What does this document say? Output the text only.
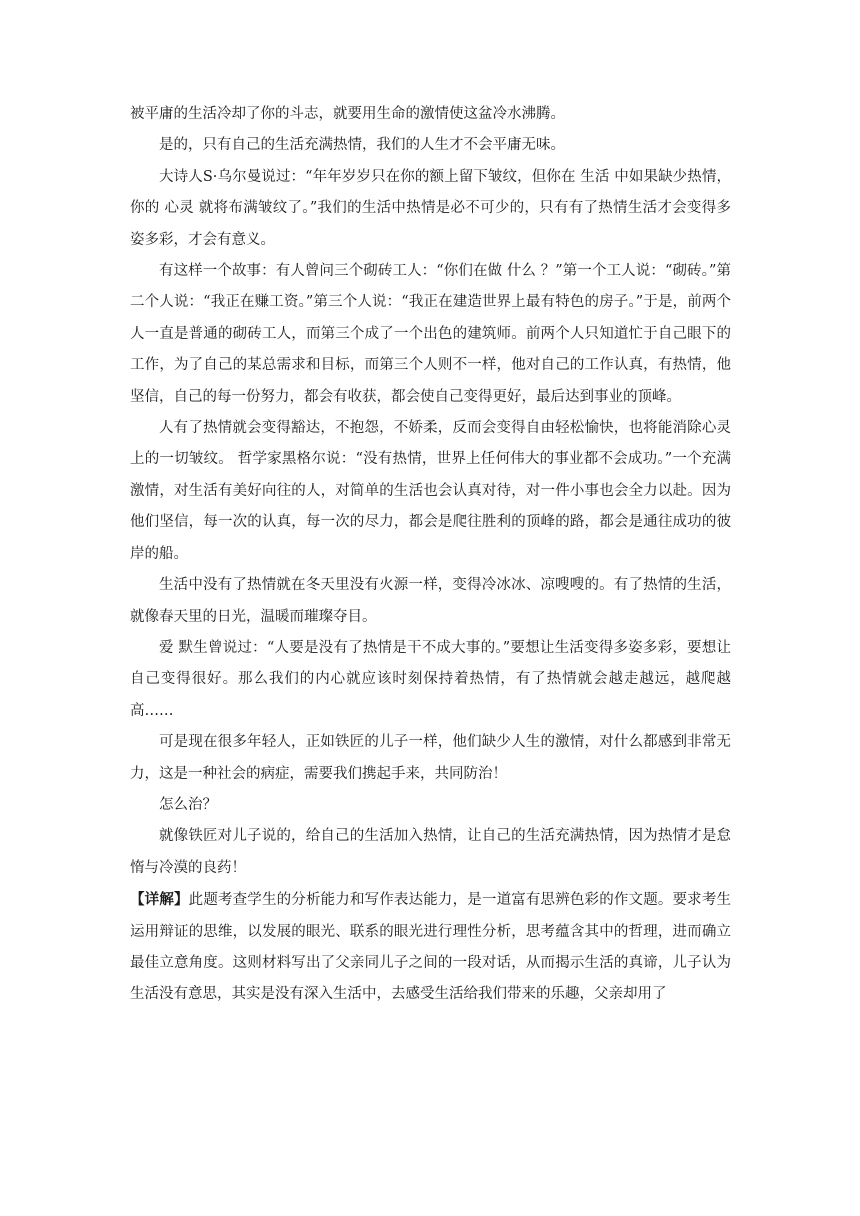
被平庸的生活冷却了你的斗志，就要用生命的激情使这盆冷水沸腾。

是的，只有自己的生活充满热情，我们的人生才不会平庸无味。

大诗人S·乌尔曼说过：“年年岁岁只在你的额上留下皱纹，但你在 生活 中如果缺少热情，你的 心灵 就将布满皱纹了。”我们的生活中热情是必不可少的，只有有了热情生活才会变得多姿多彩，才会有意义。

有这样一个故事：有人曾问三个砌砖工人：“你们在做 什么 ？”第一个工人说：“砌砖。”第二个人说：“我正在赚工资。”第三个人说：“我正在建造世界上最有特色的房子。”于是，前两个人一直是普通的砌砖工人，而第三个成了一个出色的建筑师。前两个人只知道忙于自己眼下的工作，为了自己的某总需求和目标，而第三个人则不一样，他对自己的工作认真，有热情，他坚信，自己的每一份努力，都会有收获，都会使自己变得更好，最后达到事业的顶峰。

人有了热情就会变得豁达，不抱怨，不娇柔，反而会变得自由轻松愉快，也将能消除心灵上的一切皱纹。 哲学家黑格尔说：“没有热情，世界上任何伟大的事业都不会成功。”一个充满激情，对生活有美好向往的人，对简单的生活也会认真对待，对一件小事也会全力以赴。因为他们坚信，每一次的认真，每一次的尽力，都会是爬往胜利的顶峰的路，都会是通往成功的彼岸的船。

生活中没有了热情就在冬天里没有火源一样，变得冷冰冰、凉嗖嗖的。有了热情的生活，就像春天里的日光，温暖而璀璨夺目。

爱 默生曾说过：“人要是没有了热情是干不成大事的。”要想让生活变得多姿多彩，要想让自己变得很好。那么我们的内心就应该时刻保持着热情，有了热情就会越走越远，越爬越高……

可是现在很多年轻人，正如铁匠的儿子一样，他们缺少人生的激情，对什么都感到非常无力，这是一种社会的病症，需要我们携起手来，共同防治！

怎么治？

就像铁匠对儿子说的，给自己的生活加入热情，让自己的生活充满热情，因为热情才是怠惰与冷漠的良药！

【详解】此题考查学生的分析能力和写作表达能力，是一道富有思辨色彩的作文题。要求考生运用辩证的思维，以发展的眼光、联系的眼光进行理性分析，思考蕴含其中的哲理，进而确立最佳立意角度。这则材料写出了父亲同儿子之间的一段对话，从而揭示生活的真谛，儿子认为生活没有意思，其实是没有深入生活中，去感受生活给我们带来的乐趣，父亲却用了
